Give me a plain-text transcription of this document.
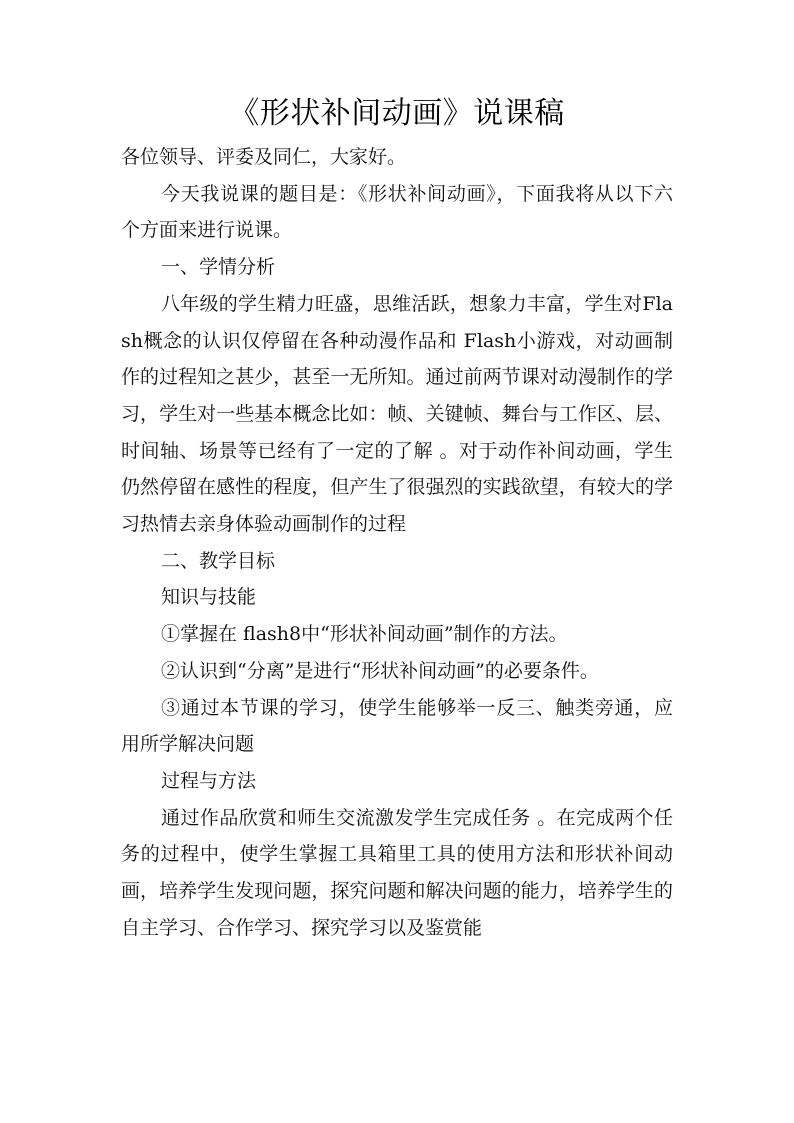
《形状补间动画》说课稿

各位领导、评委及同仁，大家好。

今天我说课的题目是：《形状补间动画》，下面我将从以下六个方面来进行说课。

一、学情分析

八年级的学生精力旺盛，思维活跃，想象力丰富，学生对Flash概念的认识仅停留在各种动漫作品和 Flash小游戏，对动画制作的过程知之甚少，甚至一无所知。通过前两节课对动漫制作的学习，学生对一些基本概念比如：帧、关键帧、舞台与工作区、层、时间轴、场景等已经有了一定的了解 。对于动作补间动画，学生仍然停留在感性的程度，但产生了很强烈的实践欲望，有较大的学习热情去亲身体验动画制作的过程

二、教学目标

知识与技能

①掌握在 flash8中“形状补间动画”制作的方法。

②认识到“分离”是进行“形状补间动画”的必要条件。

③通过本节课的学习，使学生能够举一反三、触类旁通，应用所学解决问题

过程与方法

通过作品欣赏和师生交流激发学生完成任务 。在完成两个任务的过程中，使学生掌握工具箱里工具的使用方法和形状补间动画，培养学生发现问题，探究问题和解决问题的能力，培养学生的自主学习、合作学习、探究学习以及鉴赏能
